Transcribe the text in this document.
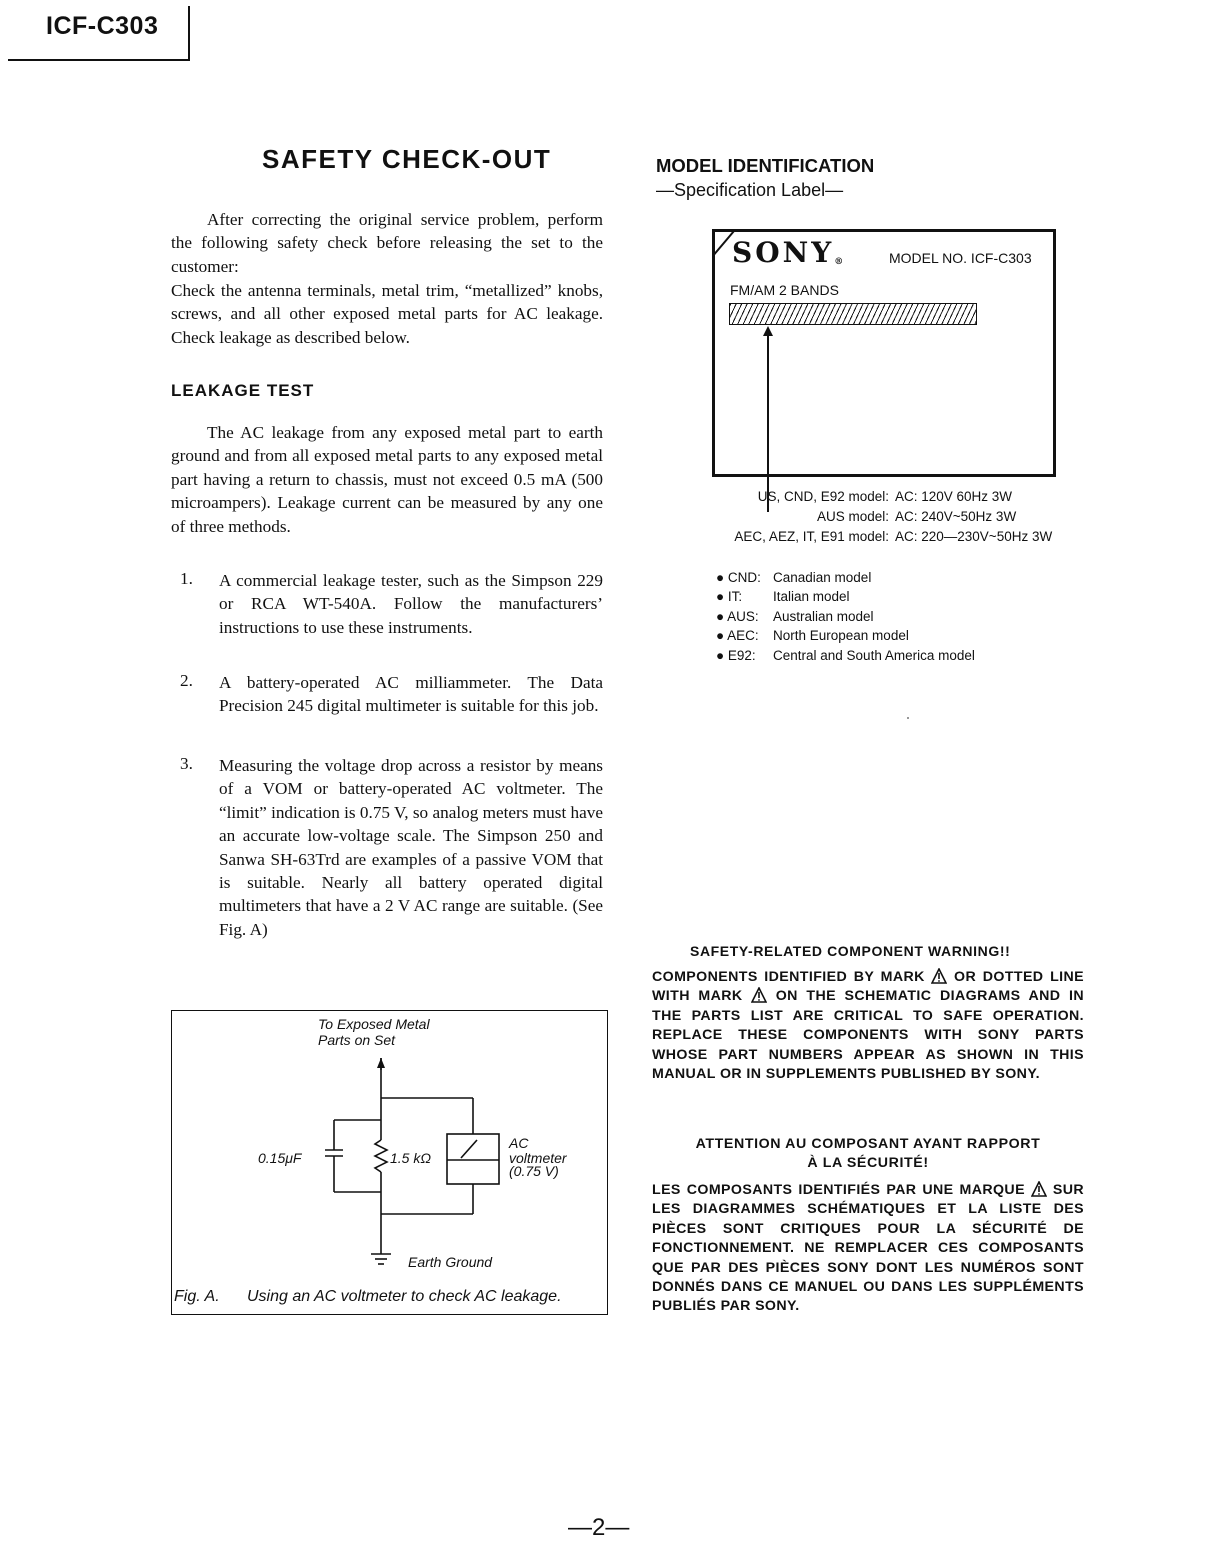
ICF-C303
SAFETY CHECK-OUT
After correcting the original service problem, perform the following safety check before releasing the set to the customer:
Check the antenna terminals, metal trim, “metallized” knobs, screws, and all other exposed metal parts for AC leakage. Check leakage as described below.
LEAKAGE TEST
The AC leakage from any exposed metal part to earth ground and from all exposed metal parts to any exposed metal part having a return to chassis, must not exceed 0.5 mA (500 microampers). Leakage current can be measured by any one of three methods.
1. A commercial leakage tester, such as the Simpson 229 or RCA WT-540A. Follow the manufacturers’ instructions to use these instruments.
2. A battery-operated AC milliammeter. The Data Precision 245 digital multimeter is suitable for this job.
3. Measuring the voltage drop across a resistor by means of a VOM or battery-operated AC voltmeter. The “limit” indication is 0.75 V, so analog meters must have an accurate low-voltage scale. The Simpson 250 and Sanwa SH-63Trd are examples of a passive VOM that is suitable. Nearly all battery operated digital multimeters that have a 2 V AC range are suitable. (See Fig. A)
To Exposed Metal
Parts on Set
0.15μF	1.5 kΩ
AC
voltmeter
(0.75 V)
Earth Ground
Fig. A. Using an AC voltmeter to check AC leakage.
MODEL IDENTIFICATION
—Specification Label—
SONY®	MODEL NO. ICF-C303
FM/AM 2 BANDS
US, CND, E92 model: AC: 120V 60Hz 3W
AUS model: AC: 240V~50Hz 3W
AEC, AEZ, IT, E91 model: AC: 220—230V~50Hz 3W
● CND: Canadian model
● IT: Italian model
● AUS: Australian model
● AEC: North European model
● E92: Central and South America model
SAFETY-RELATED COMPONENT WARNING!!
COMPONENTS IDENTIFIED BY MARK OR DOTTED LINE WITH MARK ON THE SCHEMATIC DIAGRAMS AND IN THE PARTS LIST ARE CRITICAL TO SAFE OPERATION. REPLACE THESE COMPONENTS WITH SONY PARTS WHOSE PART NUMBERS APPEAR AS SHOWN IN THIS MANUAL OR IN SUPPLEMENTS PUBLISHED BY SONY.
ATTENTION AU COMPOSANT AYANT RAPPORT
À LA SÉCURITÉ!
LES COMPOSANTS IDENTIFIÉS PAR UNE MARQUE SUR LES DIAGRAMMES SCHÉMATIQUES ET LA LISTE DES PIÈCES SONT CRITIQUES POUR LA SÉCURITÉ DE FONCTIONNEMENT. NE REMPLACER CES COMPOSANTS QUE PAR DES PIÈCES SONY DONT LES NUMÉROS SONT DONNÉS DANS CE MANUEL OU DANS LES SUPPLÉMENTS PUBLIÉS PAR SONY.
—2—
